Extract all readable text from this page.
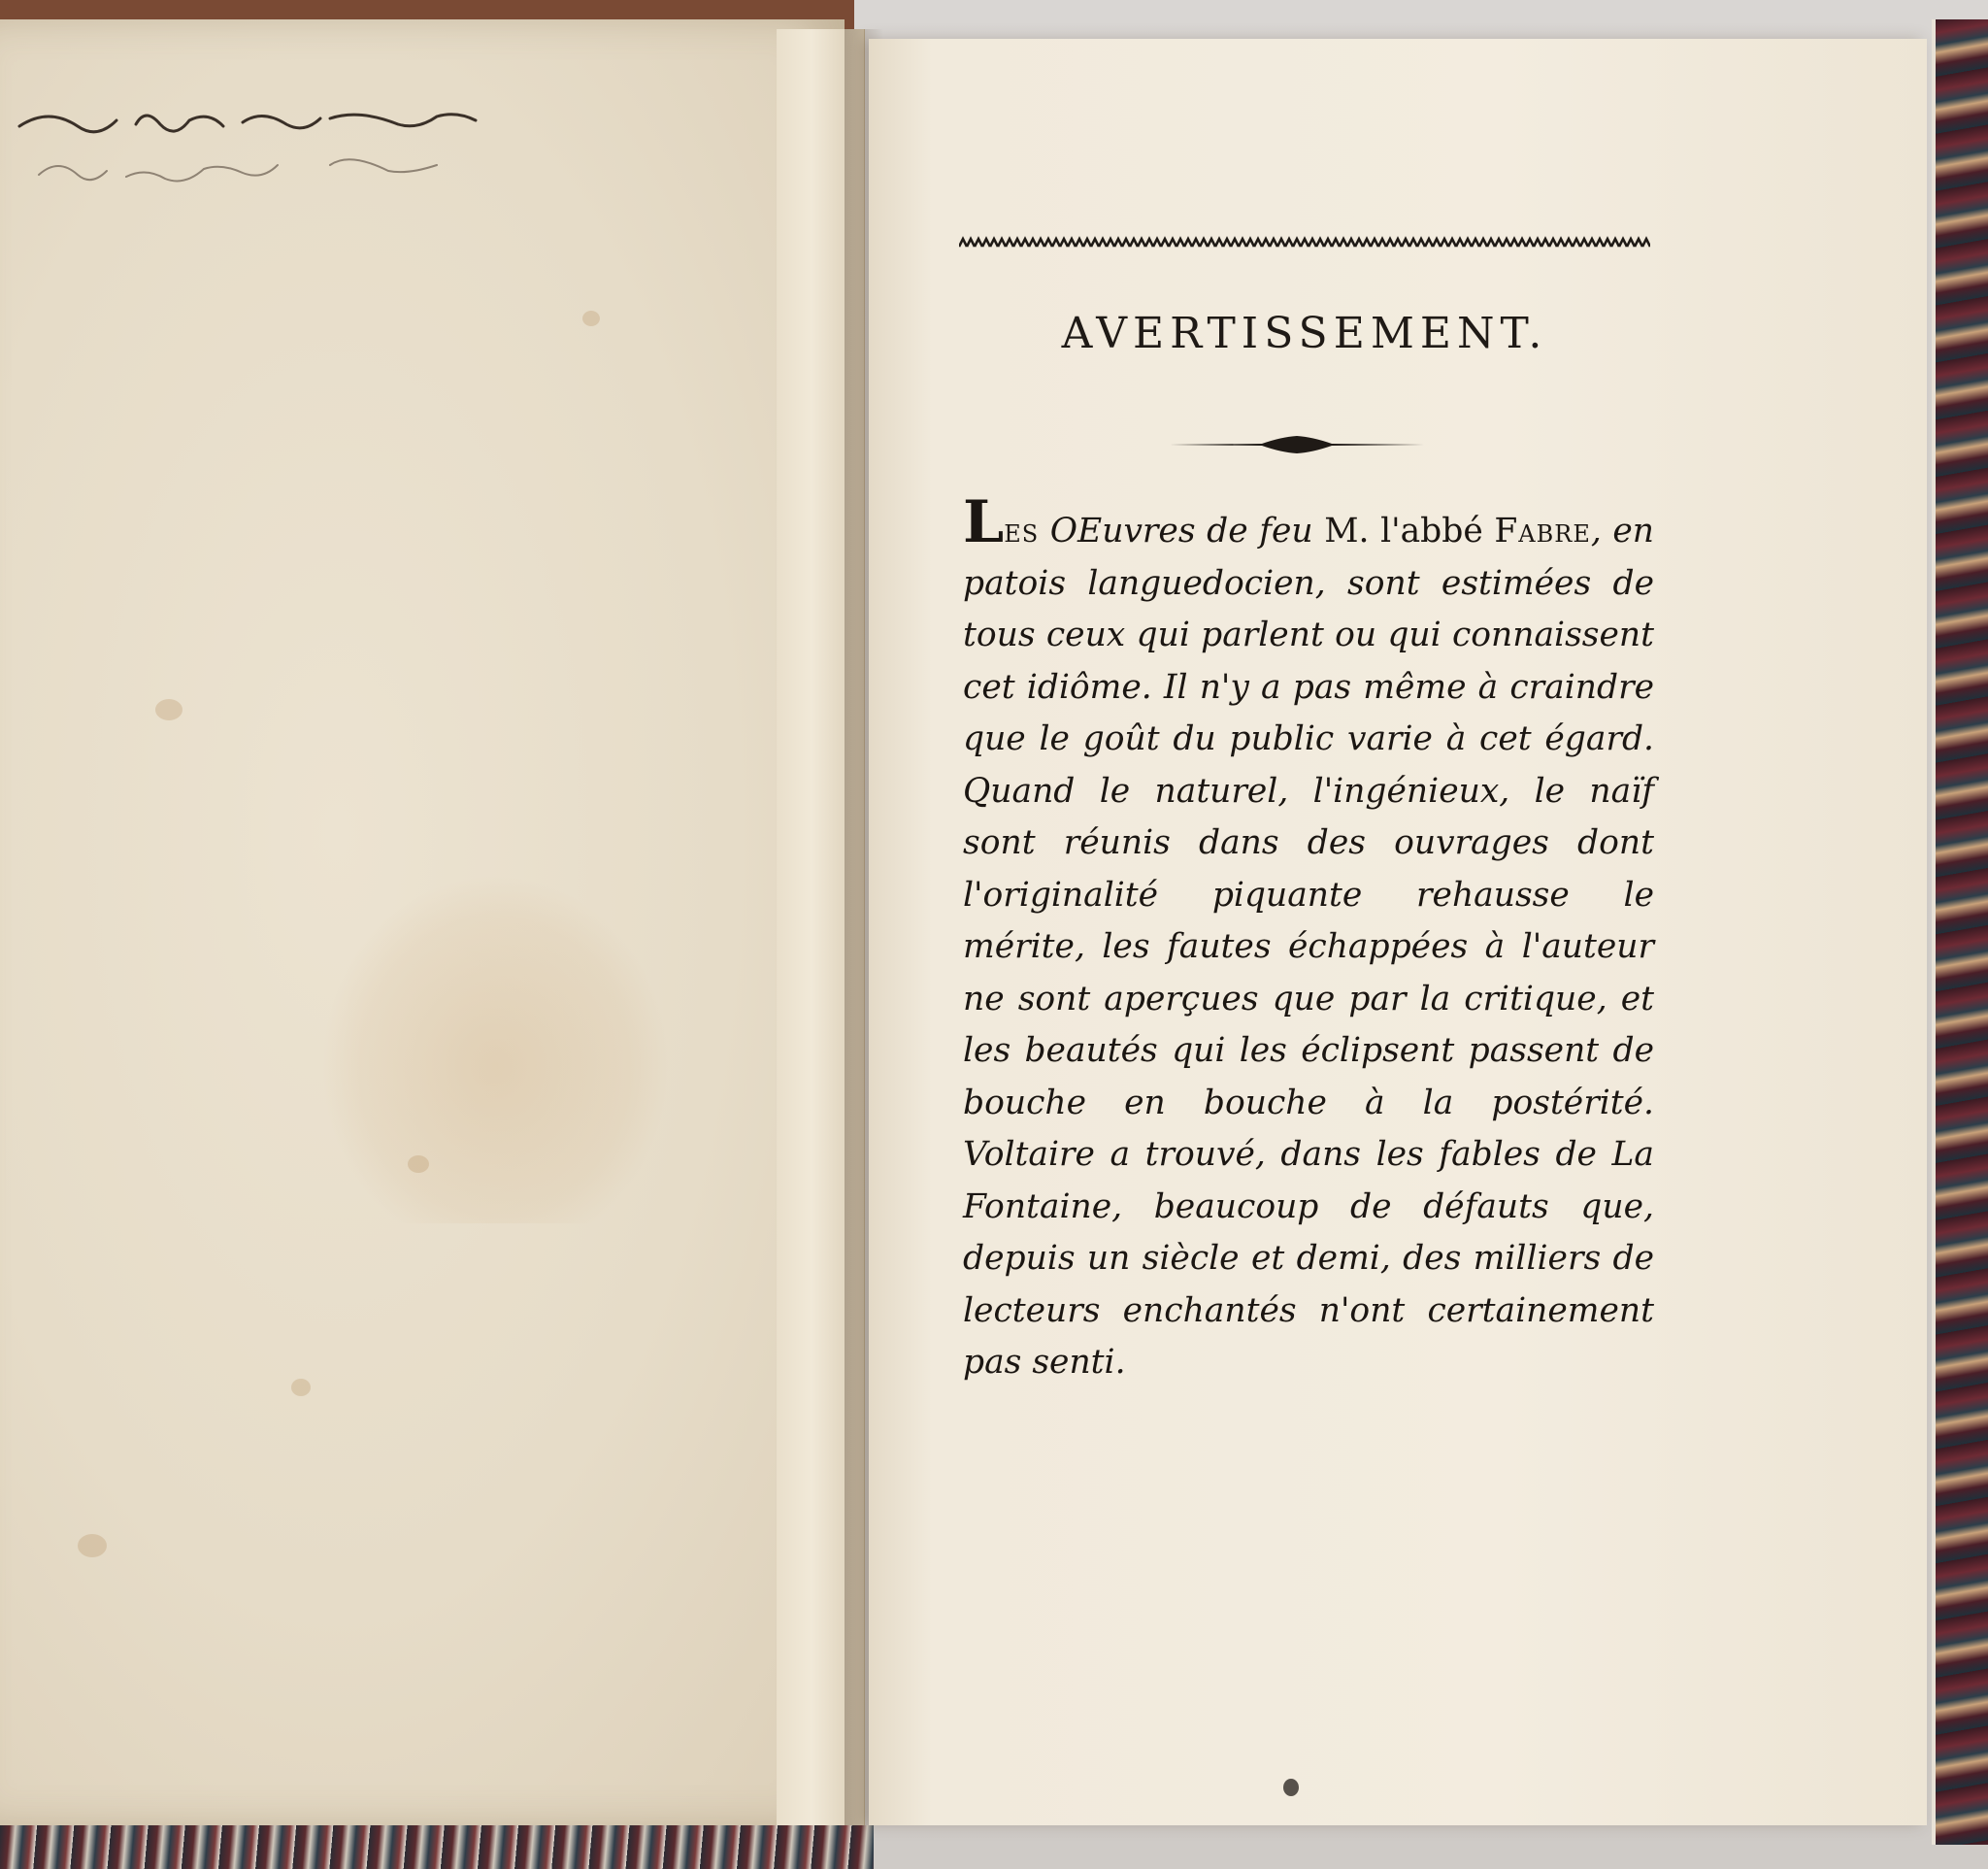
AVERTISSEMENT.
Les OEuvres de feu M. l'abbé Fabre, en patois languedocien, sont estimées de tous ceux qui parlent ou qui connaissent cet idiôme. Il n'y a pas même à craindre que le goût du public varie à cet égard. Quand le naturel, l'ingénieux, le naïf sont réunis dans des ouvrages dont l'originalité piquante rehausse le mérite, les fautes échappées à l'auteur ne sont aperçues que par la critique, et les beautés qui les éclipsent passent de bouche en bouche à la postérité. Voltaire a trouvé, dans les fables de La Fontaine, beaucoup de défauts que, depuis un siècle et demi, des milliers de lecteurs enchantés n'ont certainement pas senti.
